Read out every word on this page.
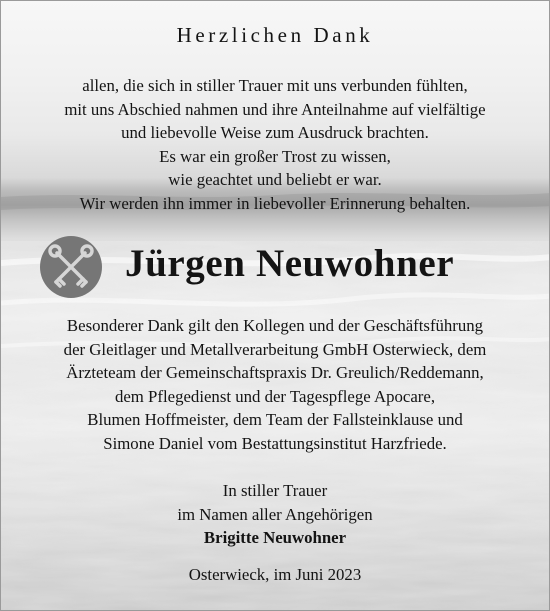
Herzlichen Dank
allen, die sich in stiller Trauer mit uns verbunden fühlten,
mit uns Abschied nahmen und ihre Anteilnahme auf vielfältige
und liebevolle Weise zum Ausdruck brachten.
Es war ein großer Trost zu wissen,
wie geachtet und beliebt er war.
Wir werden ihn immer in liebevoller Erinnerung behalten.
Jürgen Neuwohner
Besonderer Dank gilt den Kollegen und der Geschäftsführung
der Gleitlager und Metallverarbeitung GmbH Osterwieck, dem
Ärzteteam der Gemeinschaftspraxis Dr. Greulich/Reddemann,
dem Pflegedienst und der Tagespflege Apocare,
Blumen Hoffmeister, dem Team der Fallsteinklause und
Simone Daniel vom Bestattungsinstitut Harzfriede.
In stiller Trauer
im Namen aller Angehörigen
Brigitte Neuwohner
Osterwieck, im Juni 2023
